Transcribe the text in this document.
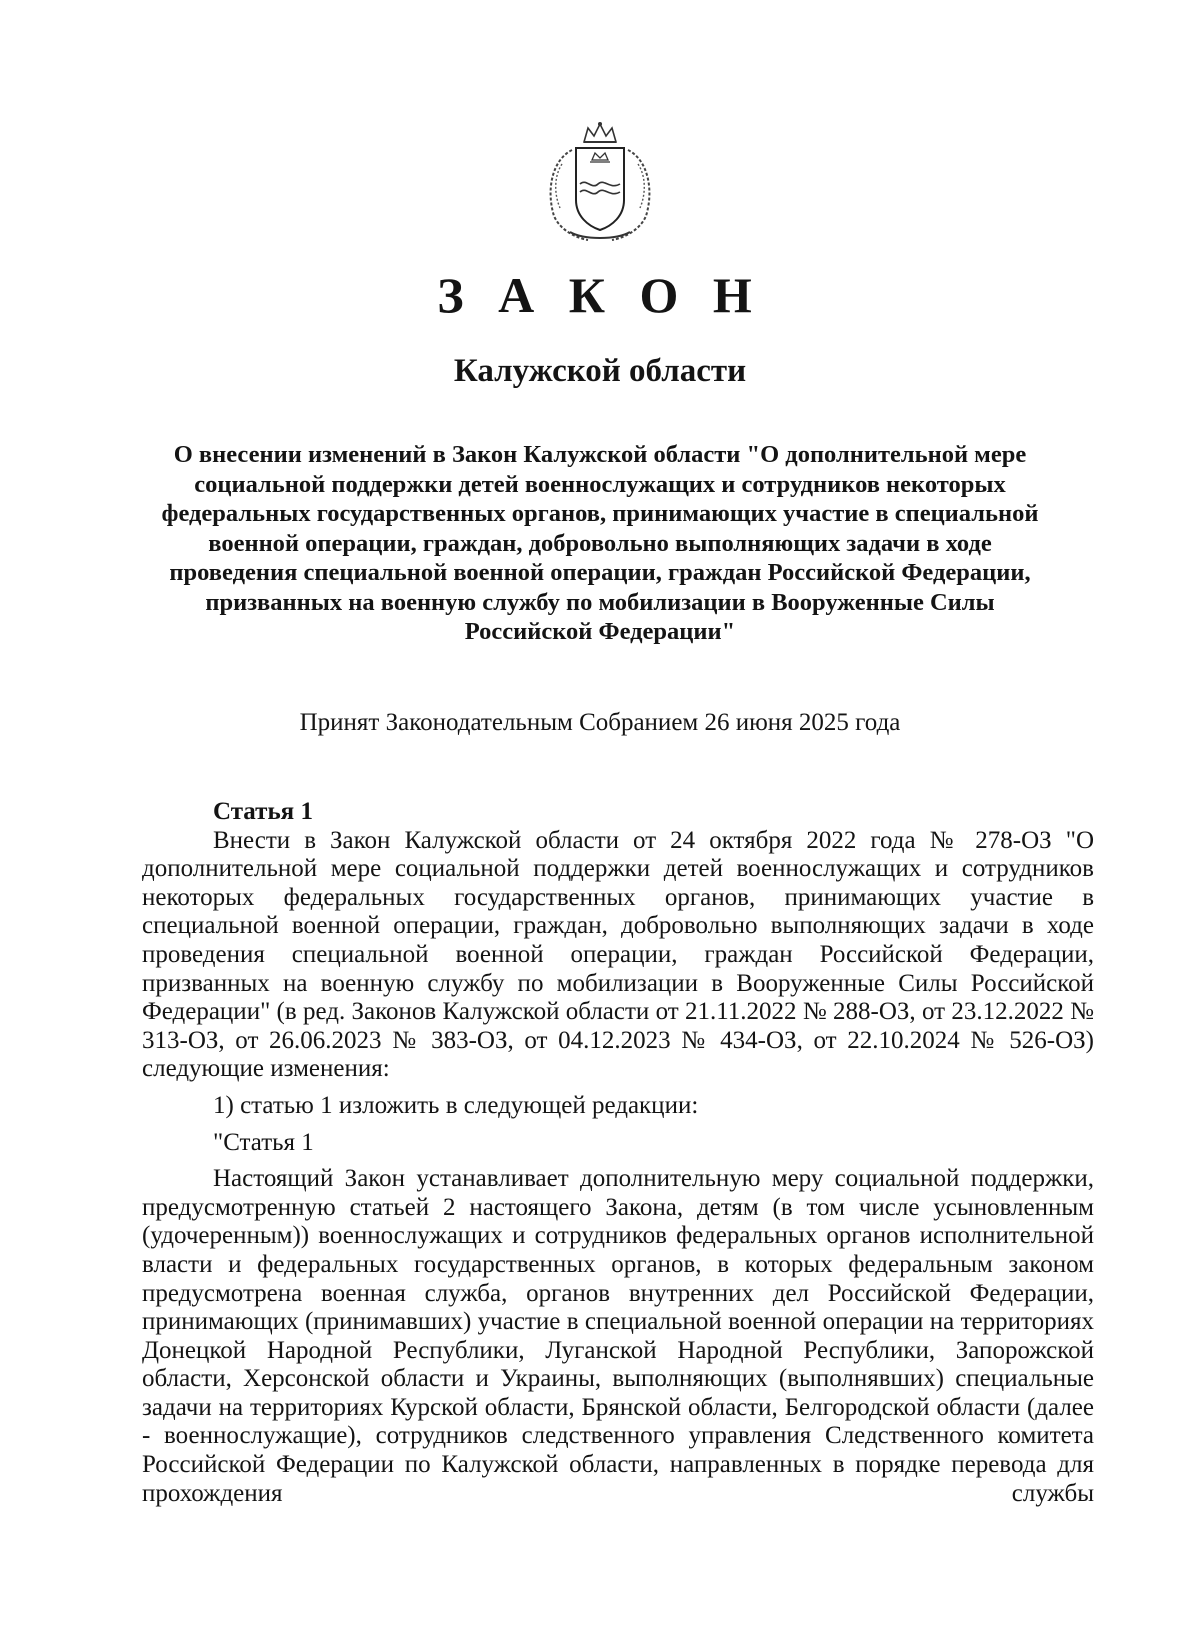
З А К О Н
Калужской области
О внесении изменений в Закон Калужской области "О дополнительной мере социальной поддержки детей военнослужащих и сотрудников некоторых федеральных государственных органов, принимающих участие в специальной военной операции, граждан, добровольно выполняющих задачи в ходе проведения специальной военной операции, граждан Российской Федерации, призванных на военную службу по мобилизации в Вооруженные Силы Российской Федерации"
Принят Законодательным Собранием 26 июня 2025 года

Статья 1

Внести в Закон Калужской области от 24 октября 2022 года № 278-ОЗ "О дополнительной мере социальной поддержки детей военнослужащих и сотрудников некоторых федеральных государственных органов, принимающих участие в специальной военной операции, граждан, добровольно выполняющих задачи в ходе проведения специальной военной операции, граждан Российской Федерации, призванных на военную службу по мобилизации в Вооруженные Силы Российской Федерации" (в ред. Законов Калужской области от 21.11.2022 № 288-ОЗ, от 23.12.2022 № 313-ОЗ, от 26.06.2023 № 383-ОЗ, от 04.12.2023 № 434-ОЗ, от 22.10.2024 № 526-ОЗ) следующие изменения:

1) статью 1 изложить в следующей редакции:

"Статья 1

Настоящий Закон устанавливает дополнительную меру социальной поддержки, предусмотренную статьей 2 настоящего Закона, детям (в том числе усыновленным (удочеренным)) военнослужащих и сотрудников федеральных органов исполнительной власти и федеральных государственных органов, в которых федеральным законом предусмотрена военная служба, органов внутренних дел Российской Федерации, принимающих (принимавших) участие в специальной военной операции на территориях Донецкой Народной Республики, Луганской Народной Республики, Запорожской области, Херсонской области и Украины, выполняющих (выполнявших) специальные задачи на территориях Курской области, Брянской области, Белгородской области (далее - военнослужащие), сотрудников следственного управления Следственного комитета Российской Федерации по Калужской области, направленных в порядке перевода для прохождения службы
